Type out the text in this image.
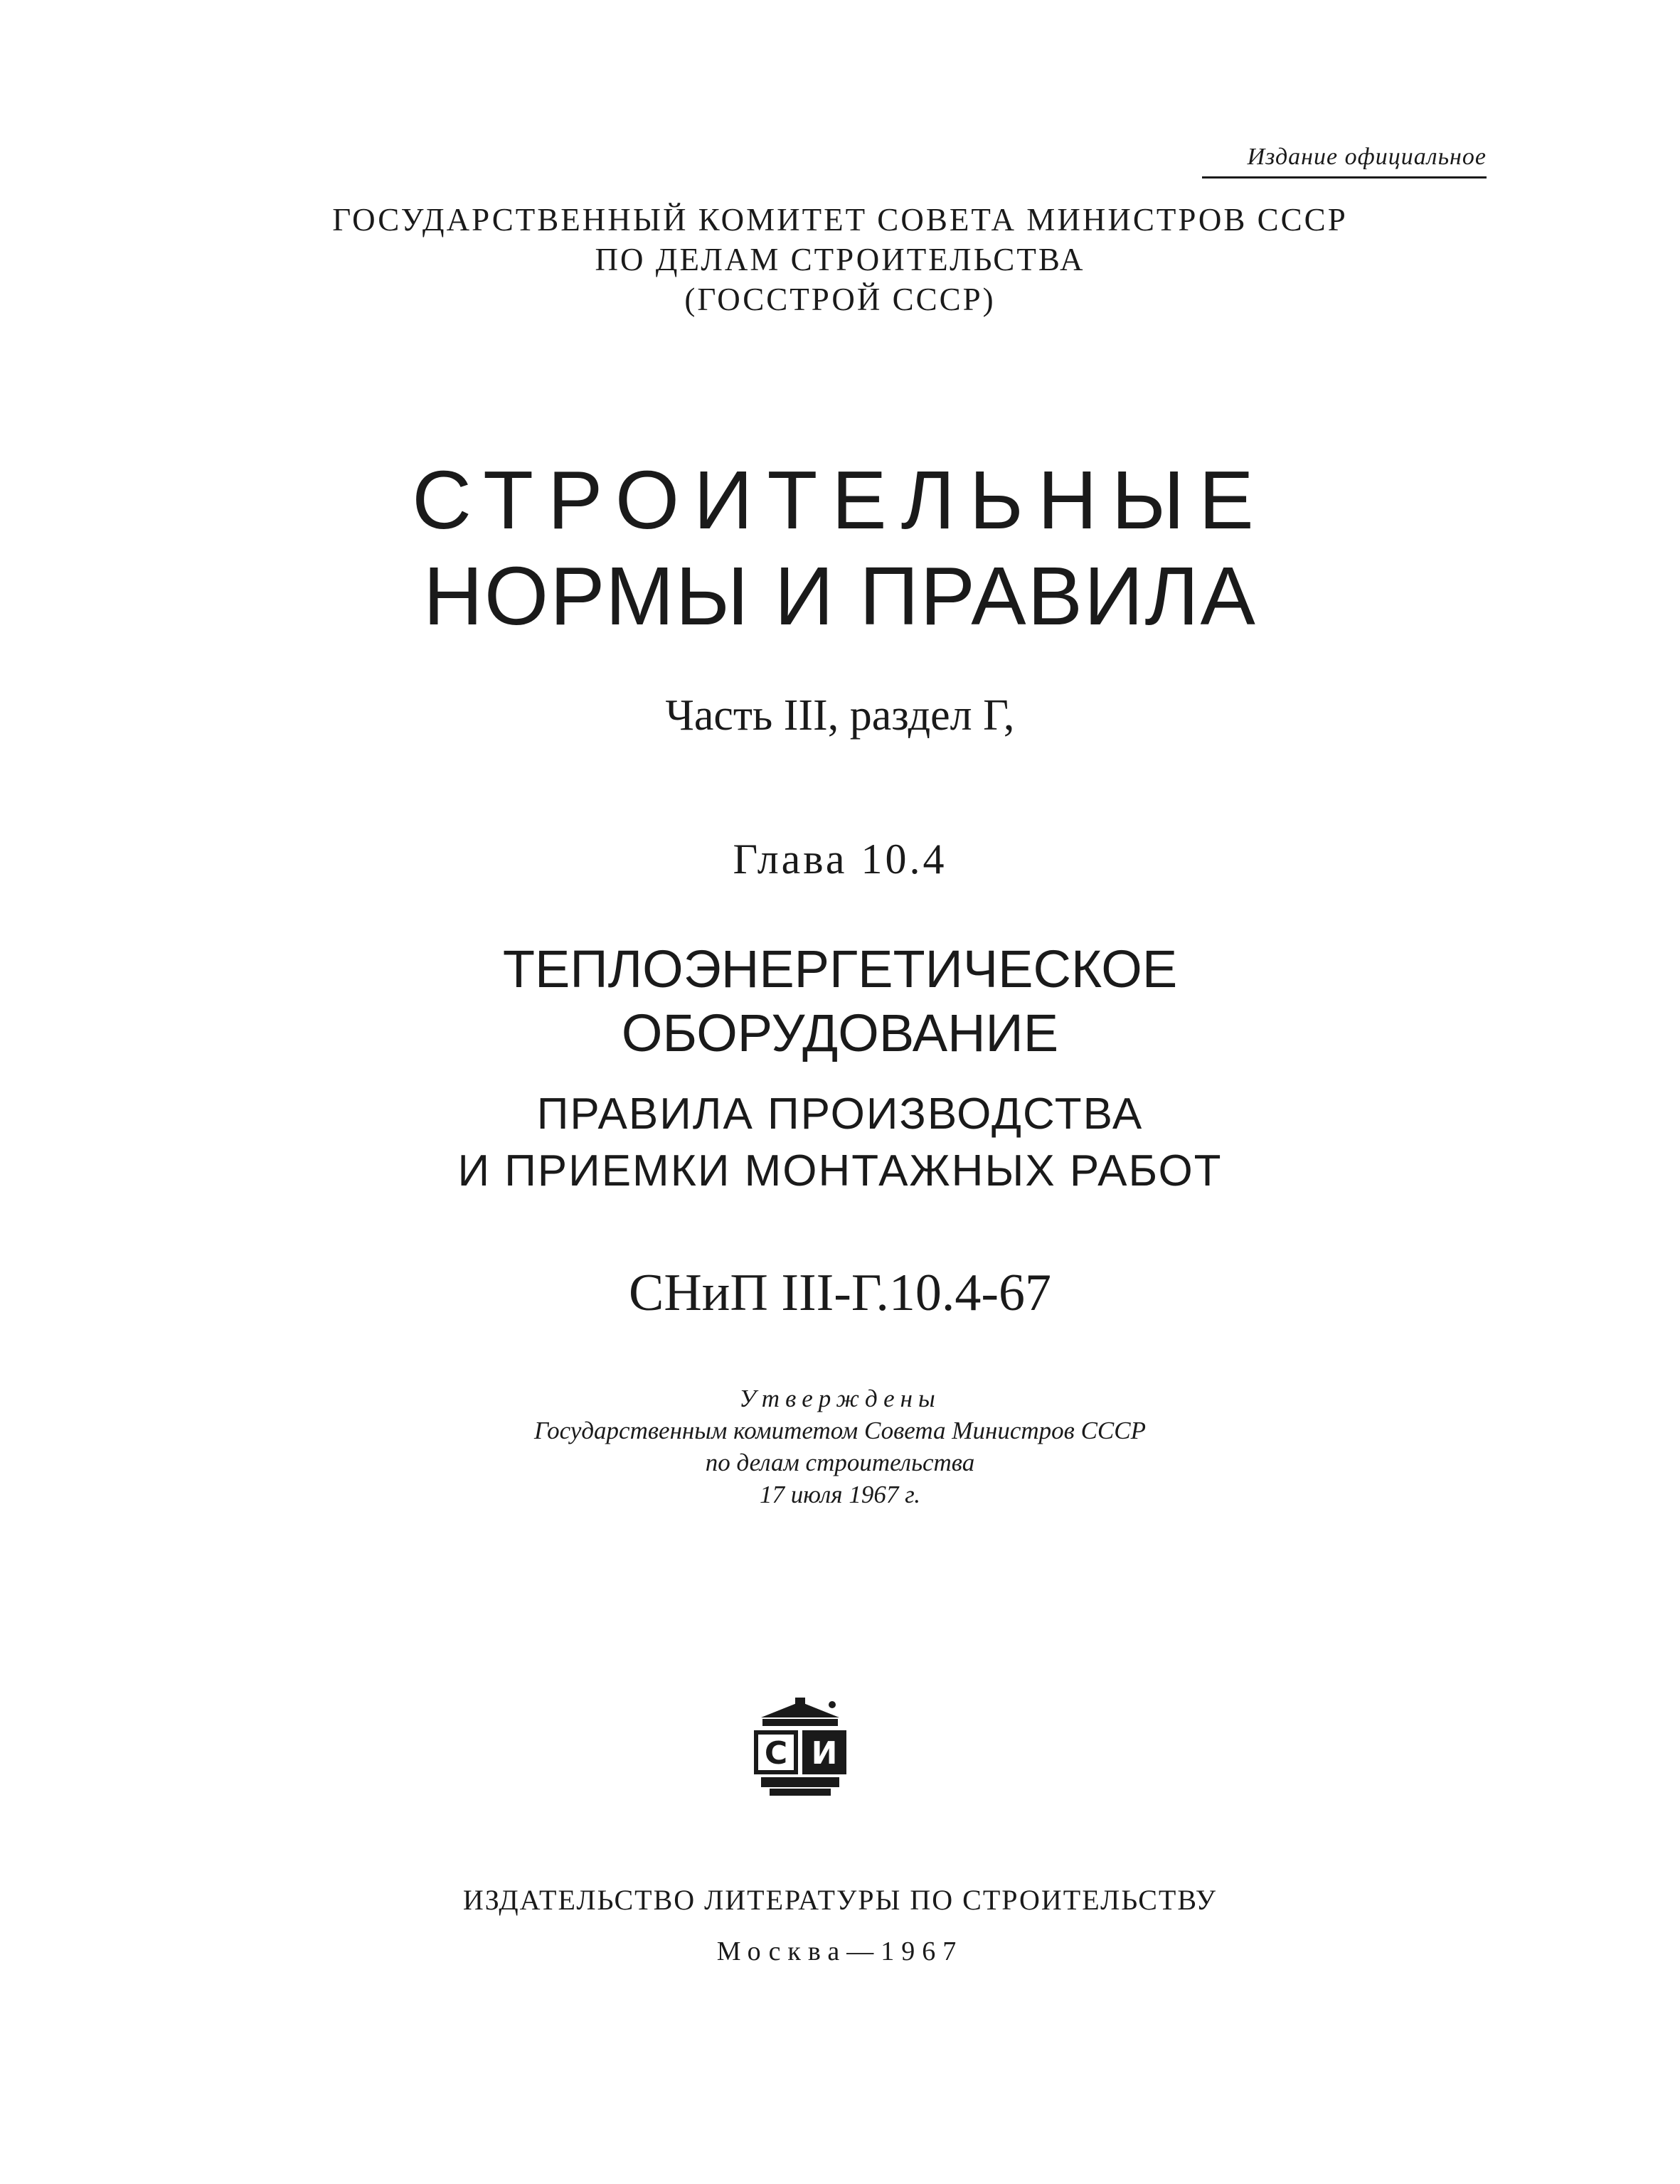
Издание официальное
ГОСУДАРСТВЕННЫЙ КОМИТЕТ СОВЕТА МИНИСТРОВ СССР
ПО ДЕЛАМ СТРОИТЕЛЬСТВА
(ГОССТРОЙ СССР)
СТРОИТЕЛЬНЫЕ
НОРМЫ И ПРАВИЛА
Часть III, раздел Г,
Глава 10.4
ТЕПЛОЭНЕРГЕТИЧЕСКОЕ
ОБОРУДОВАНИЕ
ПРАВИЛА ПРОИЗВОДСТВА
И ПРИЕМКИ МОНТАЖНЫХ РАБОТ
СНиП III-Г.10.4-67
Утверждены
Государственным комитетом Совета Министров СССР
по делам строительства
17 июля 1967 г.
С И
ИЗДАТЕЛЬСТВО ЛИТЕРАТУРЫ ПО СТРОИТЕЛЬСТВУ
Москва—1967
